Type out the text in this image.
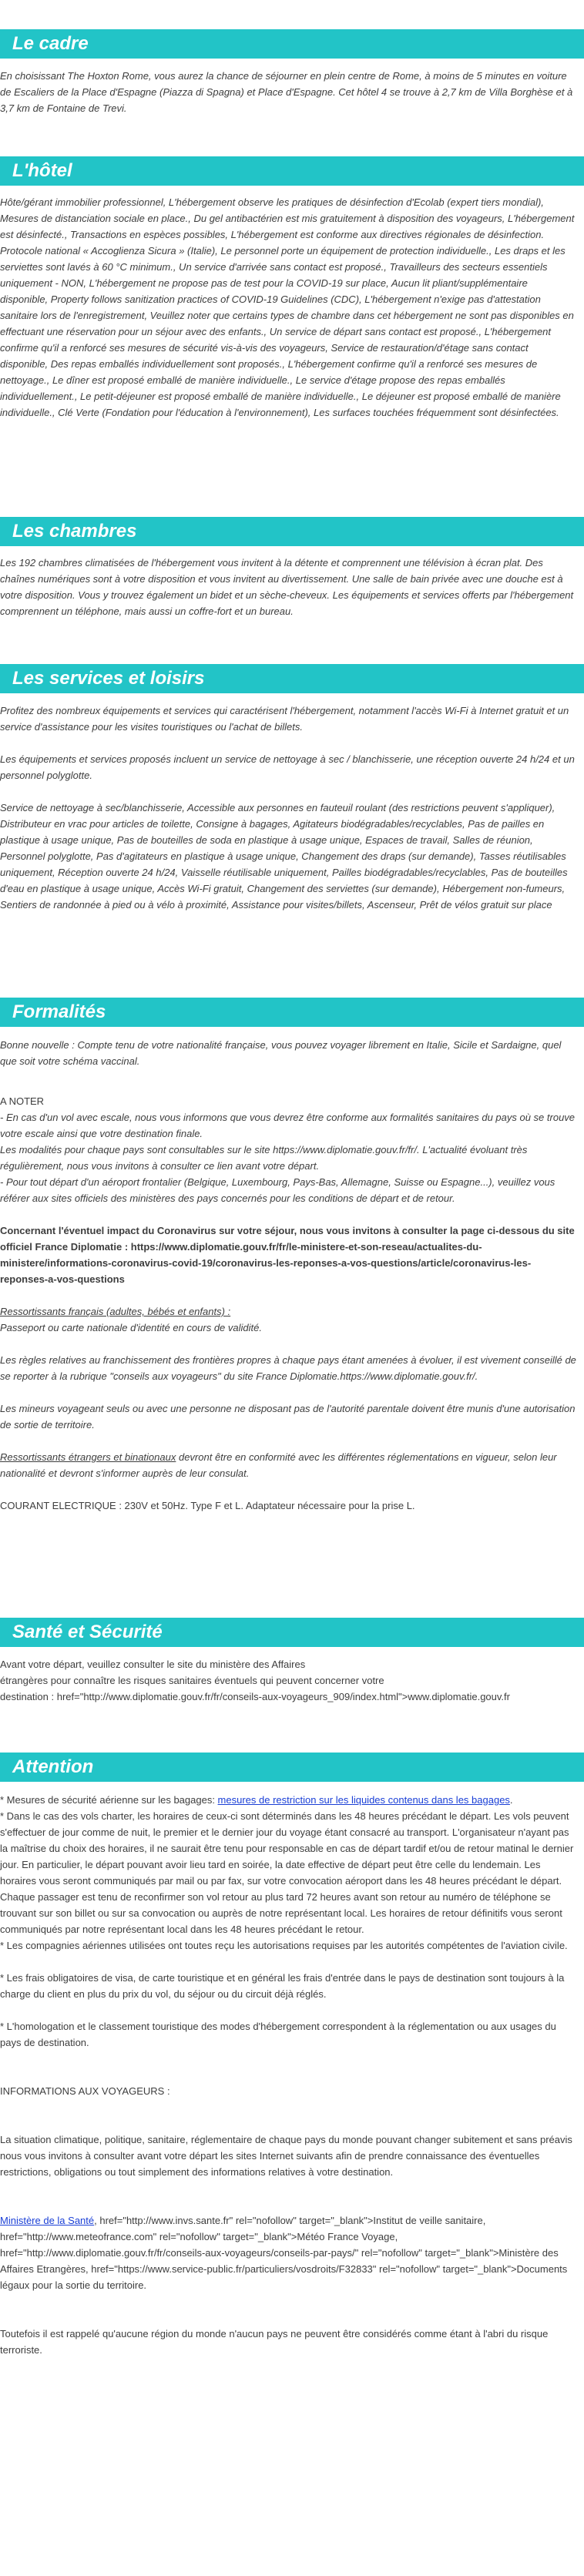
Le cadre

En choisissant The Hoxton Rome, vous aurez la chance de séjourner en plein centre de Rome, à moins de 5 minutes en voiture de Escaliers de la Place d'Espagne (Piazza di Spagna) et Place d'Espagne. Cet hôtel 4 se trouve à 2,7 km de Villa Borghèse et à 3,7 km de Fontaine de Trevi.

L'hôtel

Hôte/gérant immobilier professionnel, L'hébergement observe les pratiques de désinfection d'Ecolab (expert tiers mondial), Mesures de distanciation sociale en place., Du gel antibactérien est mis gratuitement à disposition des voyageurs, L'hébergement est désinfecté., Transactions en espèces possibles, L'hébergement est conforme aux directives régionales de désinfection. Protocole national « Accoglienza Sicura » (Italie), Le personnel porte un équipement de protection individuelle., Les draps et les serviettes sont lavés à 60 °C minimum., Un service d'arrivée sans contact est proposé., Travailleurs des secteurs essentiels uniquement - NON, L'hébergement ne propose pas de test pour la COVID-19 sur place, Aucun lit pliant/supplémentaire disponible, Property follows sanitization practices of COVID-19 Guidelines (CDC), L'hébergement n'exige pas d'attestation sanitaire lors de l'enregistrement, Veuillez noter que certains types de chambre dans cet hébergement ne sont pas disponibles en effectuant une réservation pour un séjour avec des enfants., Un service de départ sans contact est proposé., L'hébergement confirme qu'il a renforcé ses mesures de sécurité vis-à-vis des voyageurs, Service de restauration/d'étage sans contact disponible, Des repas emballés individuellement sont proposés., L'hébergement confirme qu'il a renforcé ses mesures de nettoyage., Le dîner est proposé emballé de manière individuelle., Le service d'étage propose des repas emballés individuellement., Le petit-déjeuner est proposé emballé de manière individuelle., Le déjeuner est proposé emballé de manière individuelle., Clé Verte (Fondation pour l'éducation à l'environnement), Les surfaces touchées fréquemment sont désinfectées.

Les chambres

Les 192 chambres climatisées de l'hébergement vous invitent à la détente et comprennent une télévision à écran plat. Des chaînes numériques sont à votre disposition et vous invitent au divertissement. Une salle de bain privée avec une douche est à votre disposition. Vous y trouvez également un bidet et un sèche-cheveux. Les équipements et services offerts par l'hébergement comprennent un téléphone, mais aussi un coffre-fort et un bureau.

Les services et loisirs

Profitez des nombreux équipements et services qui caractérisent l'hébergement, notamment l'accès Wi-Fi à Internet gratuit et un service d'assistance pour les visites touristiques ou l'achat de billets.

Les équipements et services proposés incluent un service de nettoyage à sec / blanchisserie, une réception ouverte 24 h/24 et un personnel polyglotte.

Service de nettoyage à sec/blanchisserie, Accessible aux personnes en fauteuil roulant (des restrictions peuvent s'appliquer), Distributeur en vrac pour articles de toilette, Consigne à bagages, Agitateurs biodégradables/recyclables, Pas de pailles en plastique à usage unique, Pas de bouteilles de soda en plastique à usage unique, Espaces de travail, Salles de réunion, Personnel polyglotte, Pas d'agitateurs en plastique à usage unique, Changement des draps (sur demande), Tasses réutilisables uniquement, Réception ouverte 24 h/24, Vaisselle réutilisable uniquement, Pailles biodégradables/recyclables, Pas de bouteilles d'eau en plastique à usage unique, Accès Wi-Fi gratuit, Changement des serviettes (sur demande), Hébergement non-fumeurs, Sentiers de randonnée à pied ou à vélo à proximité, Assistance pour visites/billets, Ascenseur, Prêt de vélos gratuit sur place

Formalités

Bonne nouvelle : Compte tenu de votre nationalité française, vous pouvez voyager librement en Italie, Sicile et Sardaigne, quel que soit votre schéma vaccinal.

A NOTER

- En cas d'un vol avec escale, nous vous informons que vous devrez être conforme aux formalités sanitaires du pays où se trouve votre escale ainsi que votre destination finale.
Les modalités pour chaque pays sont consultables sur le site https://www.diplomatie.gouv.fr/fr/. L'actualité évoluant très régulièrement, nous vous invitons à consulter ce lien avant votre départ.
- Pour tout départ d'un aéroport frontalier (Belgique, Luxembourg, Pays-Bas, Allemagne, Suisse ou Espagne...), veuillez vous référer aux sites officiels des ministères des pays concernés pour les conditions de départ et de retour.

Concernant l'éventuel impact du Coronavirus sur votre séjour, nous vous invitons à consulter la page ci-dessous du site officiel France Diplomatie : https://www.diplomatie.gouv.fr/fr/le-ministere-et-son-reseau/actualites-du-ministere/informations-coronavirus-covid-19/coronavirus-les-reponses-a-vos-questions/article/coronavirus-les-reponses-a-vos-questions

Ressortissants français (adultes, bébés et enfants) :

Passeport ou carte nationale d'identité en cours de validité.

Les règles relatives au franchissement des frontières propres à chaque pays étant amenées à évoluer, il est vivement conseillé de se reporter à la rubrique "conseils aux voyageurs" du site France Diplomatie.https://www.diplomatie.gouv.fr/.

Les mineurs voyageant seuls ou avec une personne ne disposant pas de l'autorité parentale doivent être munis d'une autorisation de sortie de territoire.

Ressortissants étrangers et binationaux devront être en conformité avec les différentes réglementations en vigueur, selon leur nationalité et devront s'informer auprès de leur consulat.

COURANT ELECTRIQUE : 230V et 50Hz. Type F et L. Adaptateur nécessaire pour la prise L.

Santé et Sécurité

Avant votre départ, veuillez consulter le site du ministère des Affaires

étrangères pour connaître les risques sanitaires éventuels qui peuvent concerner votre

destination : href="http://www.diplomatie.gouv.fr/fr/conseils-aux-voyageurs_909/index.html">www.diplomatie.gouv.fr

Attention

* Mesures de sécurité aérienne sur les bagages: mesures de restriction sur les liquides contenus dans les bagages.

* Dans le cas des vols charter, les horaires de ceux-ci sont déterminés dans les 48 heures précédant le départ. Les vols peuvent s'effectuer de jour comme de nuit, le premier et le dernier jour du voyage étant consacré au transport. L'organisateur n'ayant pas la maîtrise du choix des horaires, il ne saurait être tenu pour responsable en cas de départ tardif et/ou de retour matinal le dernier jour. En particulier, le départ pouvant avoir lieu tard en soirée, la date effective de départ peut être celle du lendemain. Les horaires vous seront communiqués par mail ou par fax, sur votre convocation aéroport dans les 48 heures précédant le départ. Chaque passager est tenu de reconfirmer son vol retour au plus tard 72 heures avant son retour au numéro de téléphone se trouvant sur son billet ou sur sa convocation ou auprès de notre représentant local. Les horaires de retour définitifs vous seront communiqués par notre représentant local dans les 48 heures précédant le retour.

* Les compagnies aériennes utilisées ont toutes reçu les autorisations requises par les autorités compétentes de l'aviation civile.

* Les frais obligatoires de visa, de carte touristique et en général les frais d'entrée dans le pays de destination sont toujours à la charge du client en plus du prix du vol, du séjour ou du circuit déjà réglés.

* L'homologation et le classement touristique des modes d'hébergement correspondent à la réglementation ou aux usages du pays de destination.

INFORMATIONS AUX VOYAGEURS :

La situation climatique, politique, sanitaire, réglementaire de chaque pays du monde pouvant changer subitement et sans préavis
nous vous invitons à consulter avant votre départ les sites Internet suivants afin de prendre connaissance des éventuelles restrictions, obligations ou tout simplement des informations relatives à votre destination.

Ministère de la Santé, href="http://www.invs.sante.fr" rel="nofollow" target="_blank">Institut de veille sanitaire, href="http://www.meteofrance.com" rel="nofollow" target="_blank">Météo France Voyage, href="http://www.diplomatie.gouv.fr/fr/conseils-aux-voyageurs/conseils-par-pays/" rel="nofollow" target="_blank">Ministère des Affaires Etrangères, href="https://www.service-public.fr/particuliers/vosdroits/F32833" rel="nofollow" target="_blank">Documents légaux pour la sortie du territoire.

Toutefois il est rappelé qu'aucune région du monde n'aucun pays ne peuvent être considérés comme étant à l'abri du risque terroriste.
